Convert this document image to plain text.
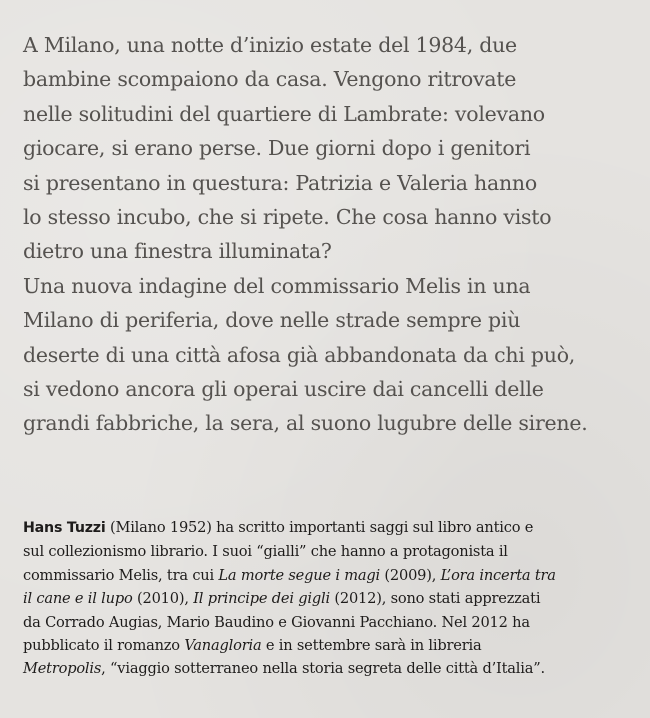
A Milano, una notte d’inizio estate del 1984, due
bambine scompaiono da casa. Vengono ritrovate
nelle solitudini del quartiere di Lambrate: volevano
giocare, si erano perse. Due giorni dopo i genitori
si presentano in questura: Patrizia e Valeria hanno
lo stesso incubo, che si ripete. Che cosa hanno visto
dietro una finestra illuminata?
Una nuova indagine del commissario Melis in una
Milano di periferia, dove nelle strade sempre più
deserte di una città afosa già abbandonata da chi può,
si vedono ancora gli operai uscire dai cancelli delle
grandi fabbriche, la sera, al suono lugubre delle sirene.
Hans Tuzzi (Milano 1952) ha scritto importanti saggi sul libro antico e
sul collezionismo librario. I suoi “gialli” che hanno a protagonista il
commissario Melis, tra cui La morte segue i magi (2009), L’ora incerta tra
il cane e il lupo (2010), Il principe dei gigli (2012), sono stati apprezzati
da Corrado Augias, Mario Baudino e Giovanni Pacchiano. Nel 2012 ha
pubblicato il romanzo Vanagloria e in settembre sarà in libreria
Metropolis, “viaggio sotterraneo nella storia segreta delle città d’Italia”.
